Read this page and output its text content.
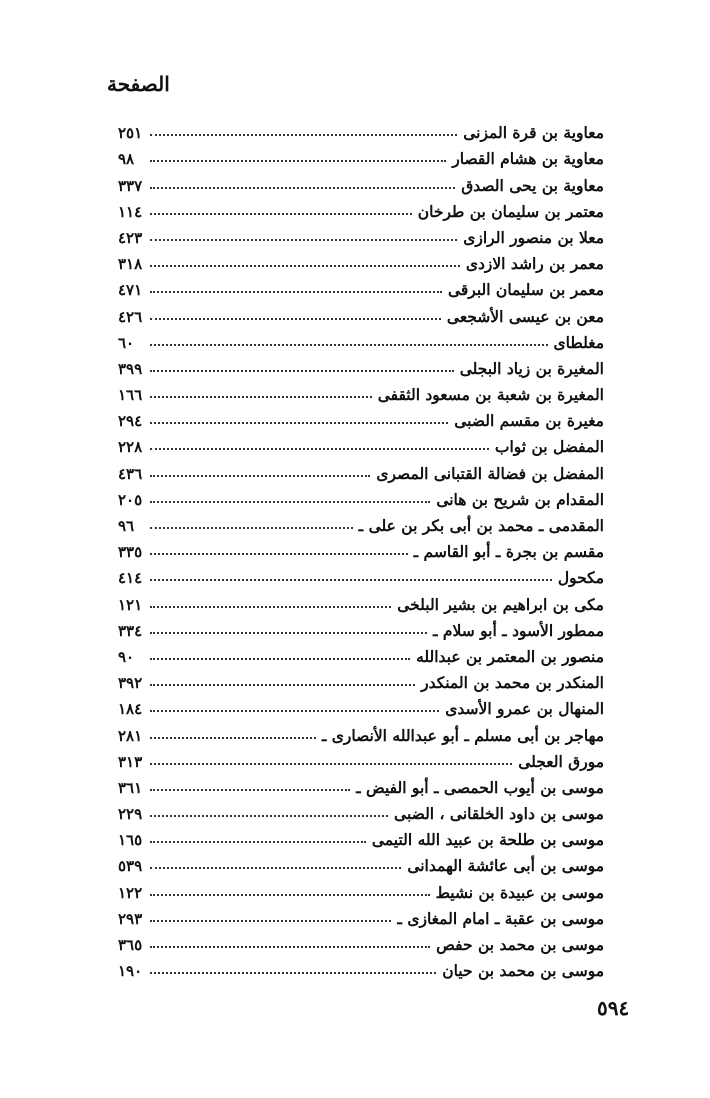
الصفحة
معاوية بن قرة المزنى
٢٥١
معاوية بن هشام القصار
٩٨
معاوية بن يحى الصدق
٣٣٧
معتمر بن سليمان بن طرخان
١١٤
معلا بن منصور الرازى
٤٢٣
معمر بن راشد الازدى
٣١٨
معمر بن سليمان البرقى
٤٧١
معن بن عيسى الأشجعى
٤٢٦
مغلطاى
٦٠
المغيرة بن زياد البجلى
٣٩٩
المغيرة بن شعبة بن مسعود الثقفى
١٦٦
مغيرة بن مقسم الضبى
٢٩٤
المفضل بن ثواب
٢٢٨
المفضل بن فضالة القتبانى المصرى
٤٣٦
المقدام بن شريح بن هانى
٢٠٥
المقدمى ـ محمد بن أبى بكر بن على ـ
٩٦
مقسم بن بجرة ـ أبو القاسم ـ
٣٣٥
مكحول
٤١٤
مكى بن ابراهيم بن بشير البلخى
١٢١
ممطور الأسود ـ أبو سلام ـ
٣٣٤
منصور بن المعتمر بن عبدالله
٩٠
المنكدر بن محمد بن المنكدر
٣٩٢
المنهال بن عمرو الأسدى
١٨٤
مهاجر بن أبى مسلم ـ أبو عبدالله الأنصارى ـ
٢٨١
مورق العجلى
٣١٣
موسى بن أيوب الحمصى ـ أبو الفيض ـ
٣٦١
موسى بن داود الخلقانى ، الضبى
٢٢٩
موسى بن طلحة بن عبيد الله التيمى
١٦٥
موسى بن أبى عائشة الهمدانى
٥٣٩
موسى بن عبيدة بن نشيط
١٢٢
موسى بن عقبة ـ امام المغازى ـ
٢٩٣
موسى بن محمد بن حفص
٣٦٥
موسى بن محمد بن حيان
١٩٠
٥٩٤
